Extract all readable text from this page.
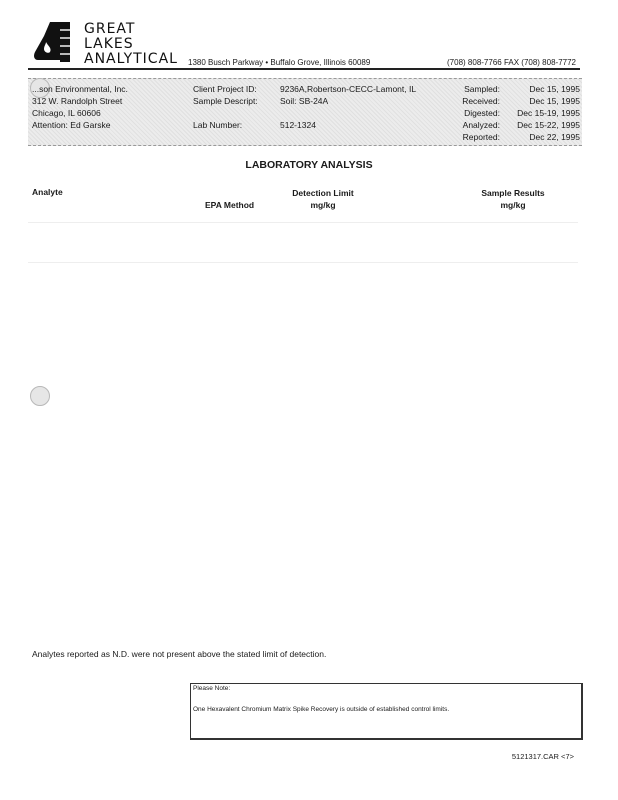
GREAT
LAKES
ANALYTICAL 1380 Busch Parkway • Buffalo Grove, Illinois 60089	(708) 808-7766 FAX (708) 808-7772
...son Environmental, Inc.
312 W. Randolph Street
Chicago, IL 60606
Attention: Ed Garske
Client Project ID:
Sample Descript:

Lab Number:
9236A,Robertson-CECC-Lamont, IL
Soil: SB-24A

512-1324
Sampled:
Received:
Digested:
Analyzed:
Reported:
Dec 15, 1995
Dec 15, 1995
Dec 15-19, 1995
Dec 15-22, 1995
Dec 22, 1995
LABORATORY ANALYSIS
Analyte
EPA Method
Detection Limit
mg/kg
Sample Results
mg/kg
Analytes reported as N.D. were not present above the stated limit of detection.
Please Note:
One Hexavalent Chromium Matrix Spike Recovery is outside of established control limits.
5121317.CAR <7>
